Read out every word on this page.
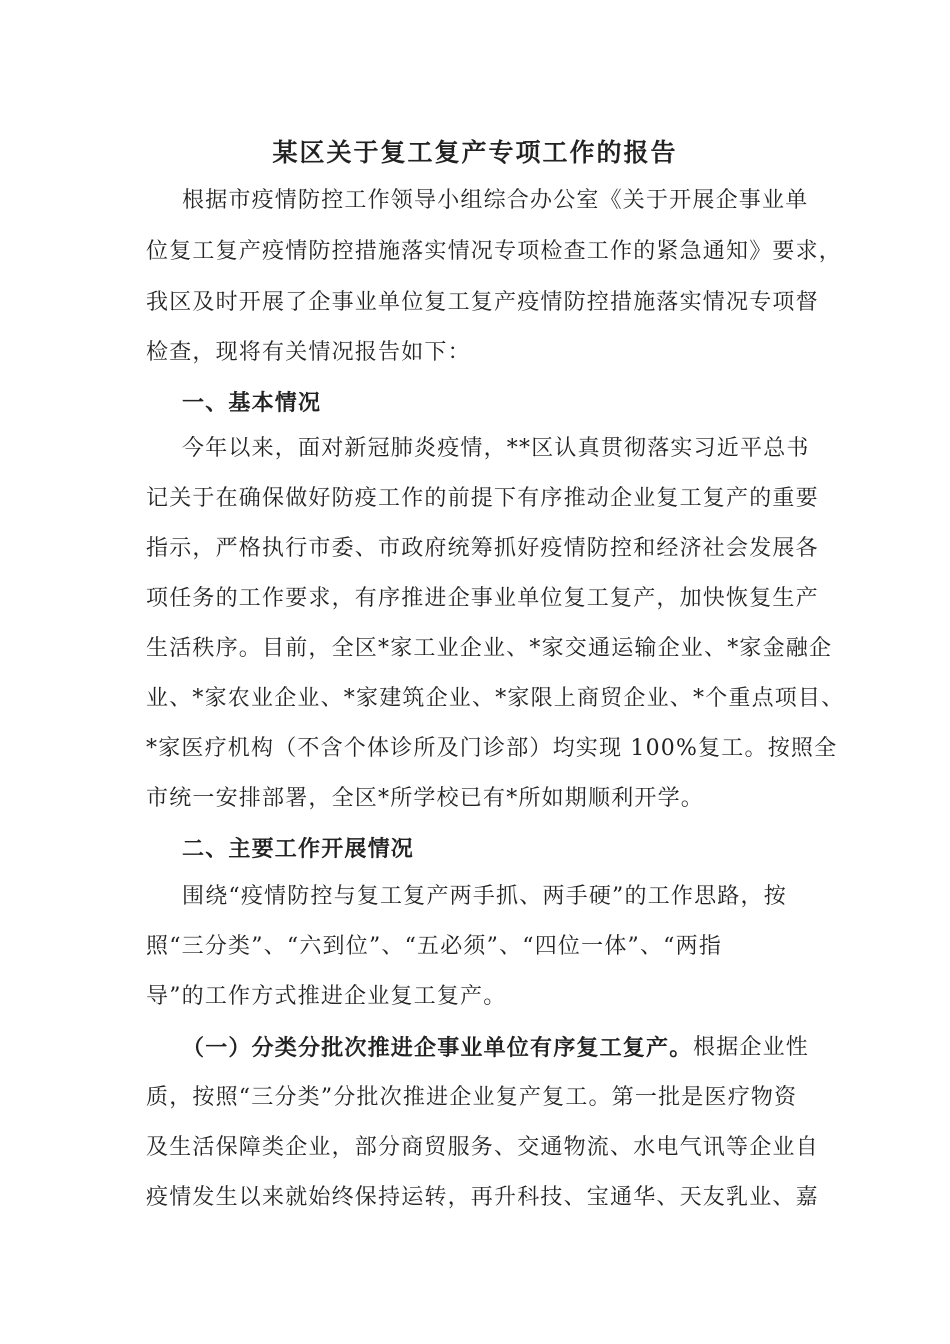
某区关于复工复产专项工作的报告
根据市疫情防控工作领导小组综合办公室《关于开展企事业单
位复工复产疫情防控措施落实情况专项检查工作的紧急通知》要求，
我区及时开展了企事业单位复工复产疫情防控措施落实情况专项督
检查，现将有关情况报告如下：
一、基本情况
今年以来，面对新冠肺炎疫情，**区认真贯彻落实习近平总书
记关于在确保做好防疫工作的前提下有序推动企业复工复产的重要
指示，严格执行市委、市政府统筹抓好疫情防控和经济社会发展各
项任务的工作要求，有序推进企事业单位复工复产，加快恢复生产
生活秩序。目前，全区*家工业企业、*家交通运输企业、*家金融企
业、*家农业企业、*家建筑企业、*家限上商贸企业、*个重点项目、
*家医疗机构（不含个体诊所及门诊部）均实现 100%复工。按照全
市统一安排部署，全区*所学校已有*所如期顺利开学。
二、主要工作开展情况
围绕“疫情防控与复工复产两手抓、两手硬”的工作思路，按
照“三分类”、“六到位”、“五必须”、“四位一体”、“两指
导”的工作方式推进企业复工复产。
（一）分类分批次推进企事业单位有序复工复产。 根据企业性
质，按照“三分类”分批次推进企业复产复工。第一批是医疗物资
及生活保障类企业，部分商贸服务、交通物流、水电气讯等企业自
疫情发生以来就始终保持运转，再升科技、宝通华、天友乳业、嘉
